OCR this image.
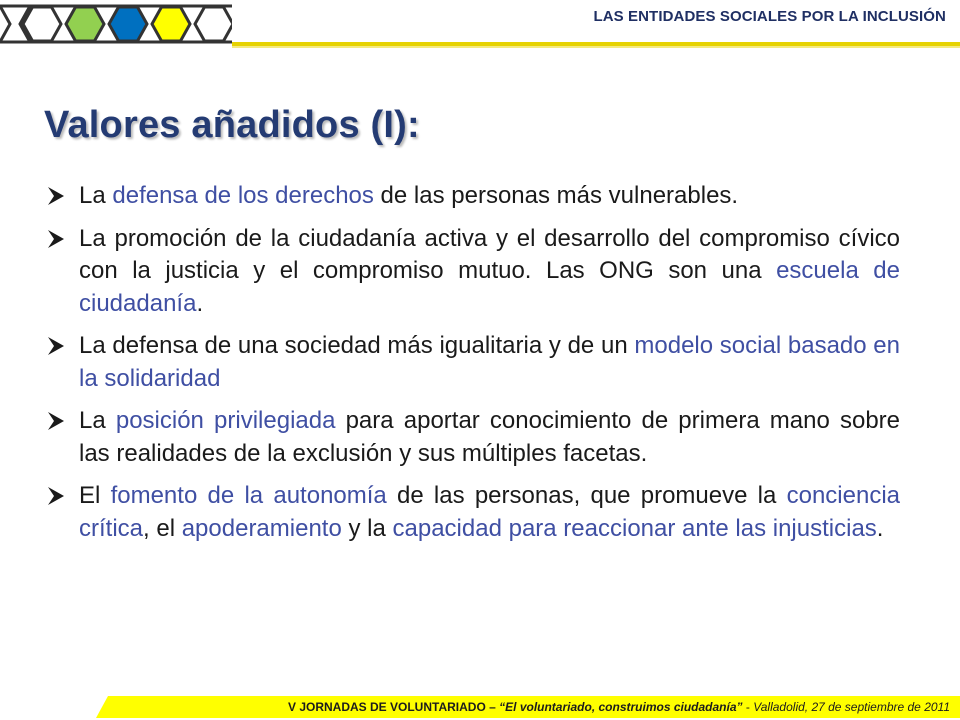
LAS ENTIDADES SOCIALES POR LA INCLUSIÓN
Valores añadidos (I):
La defensa de los derechos de las personas más vulnerables.
La promoción de la ciudadanía activa y el desarrollo del compromiso cívico con la justicia y el compromiso mutuo. Las ONG son una escuela de ciudadanía.
La defensa de una sociedad más igualitaria y de un modelo social basado en la solidaridad
La posición privilegiada para aportar conocimiento de primera mano sobre las realidades de la exclusión y sus múltiples facetas.
El fomento de la autonomía de las personas, que promueve la conciencia crítica, el apoderamiento y la capacidad para reaccionar ante las injusticias.
V JORNADAS DE VOLUNTARIADO – “El voluntariado, construimos ciudadanía” - Valladolid, 27 de septiembre de 2011
